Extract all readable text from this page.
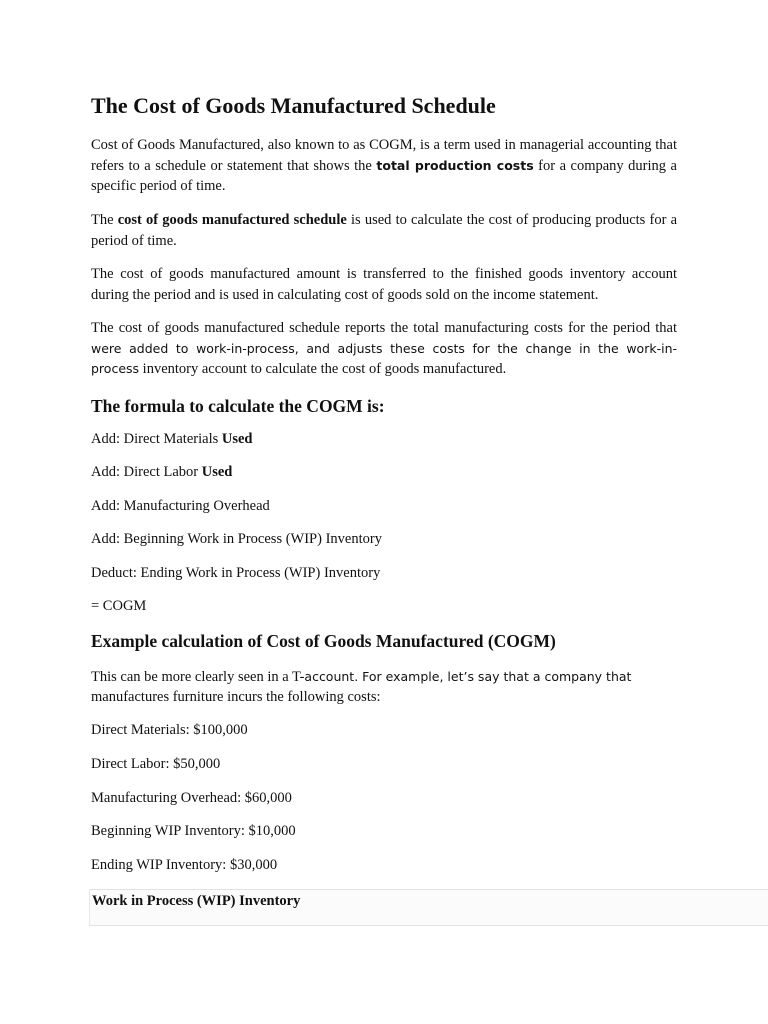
The Cost of Goods Manufactured Schedule

Cost of Goods Manufactured, also known to as COGM, is a term used in managerial accounting that refers to a schedule or statement that shows the total production costs for a company during a specific period of time.

The cost of goods manufactured schedule is used to calculate the cost of producing products for a period of time.

The cost of goods manufactured amount is transferred to the finished goods inventory account during the period and is used in calculating cost of goods sold on the income statement.

The cost of goods manufactured schedule reports the total manufacturing costs for the period that were added to work-in-process, and adjusts these costs for the change in the work-in-process inventory account to calculate the cost of goods manufactured.

The formula to calculate the COGM is:

Add: Direct Materials Used

Add: Direct Labor Used

Add: Manufacturing Overhead

Add: Beginning Work in Process (WIP) Inventory

Deduct: Ending Work in Process (WIP) Inventory

= COGM

Example calculation of Cost of Goods Manufactured (COGM)

This can be more clearly seen in a T-account. For example, let’s say that a company that

manufactures furniture incurs the following costs:

Direct Materials: $100,000

Direct Labor: $50,000

Manufacturing Overhead: $60,000

Beginning WIP Inventory: $10,000

Ending WIP Inventory: $30,000

Work in Process (WIP) Inventory
